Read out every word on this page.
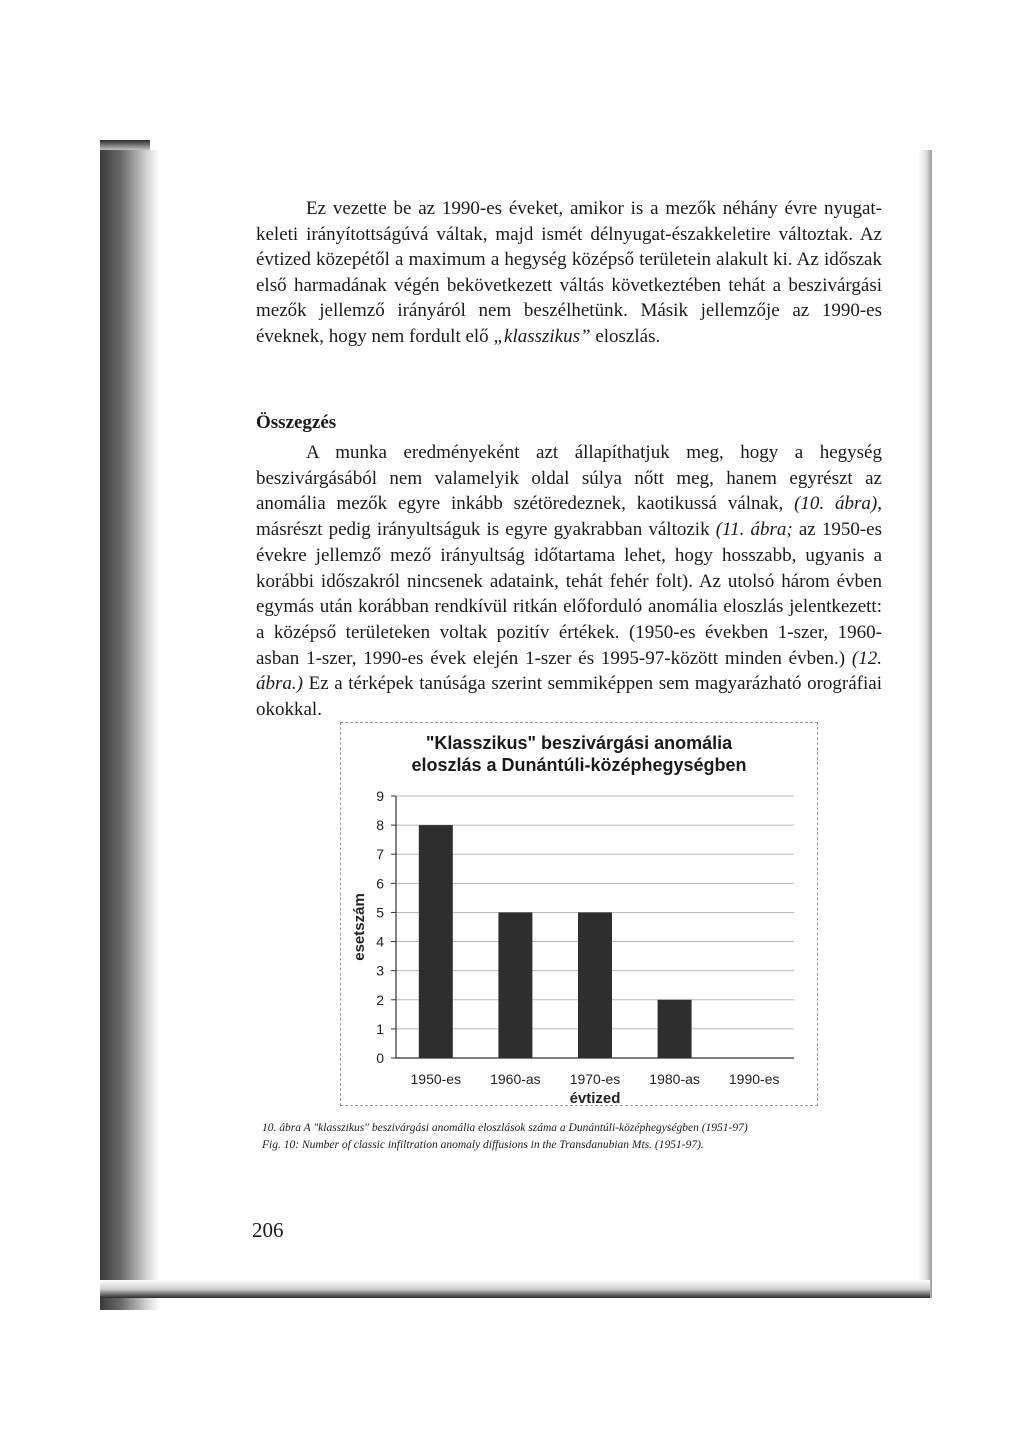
Ez vezette be az 1990-es éveket, amikor is a mezők néhány évre nyugat-keleti irányítottságúvá váltak, majd ismét délnyugat-északkeletire változtak. Az évtized közepétől a maximum a hegység középső területein alakult ki. Az időszak első harmadának végén bekövetkezett váltás következtében tehát a beszivárgási mezők jellemző irányáról nem beszélhetünk. Másik jellemzője az 1990-es éveknek, hogy nem fordult elő „klasszikus” eloszlás.

Összegzés

A munka eredményeként azt állapíthatjuk meg, hogy a hegység beszivárgásából nem valamelyik oldal súlya nőtt meg, hanem egyrészt az anomália mezők egyre inkább szétöredeznek, kaotikussá válnak, (10. ábra), másrészt pedig irányultságuk is egyre gyakrabban változik (11. ábra; az 1950-es évekre jellemző mező irányultság időtartama lehet, hogy hosszabb, ugyanis a korábbi időszakról nincsenek adataink, tehát fehér folt). Az utolsó három évben egymás után korábban rendkívül ritkán előforduló anomália eloszlás jelentkezett: a középső területeken voltak pozitív értékek. (1950-es években 1-szer, 1960-asban 1-szer, 1990-es évek elején 1-szer és 1995-97-között minden évben.) (12. ábra.) Ez a térképek tanúsága szerint semmiképpen sem magyarázható orográfiai okokkal.

"Klasszikus" beszivárgási anomália
eloszlás a Dunántúli-középhegységben
0
1
2
3
4
5
6
7
8
9
1950-es 1960-as 1970-es 1980-as 1990-es
évtized
esetszám
10. ábra A "klasszikus" beszivárgási anomália eloszlások száma a Dunántúli-középhegységben (1951-97)
Fig. 10: Number of classic infiltration anomaly diffusions in the Transdanubian Mts. (1951-97).
206
